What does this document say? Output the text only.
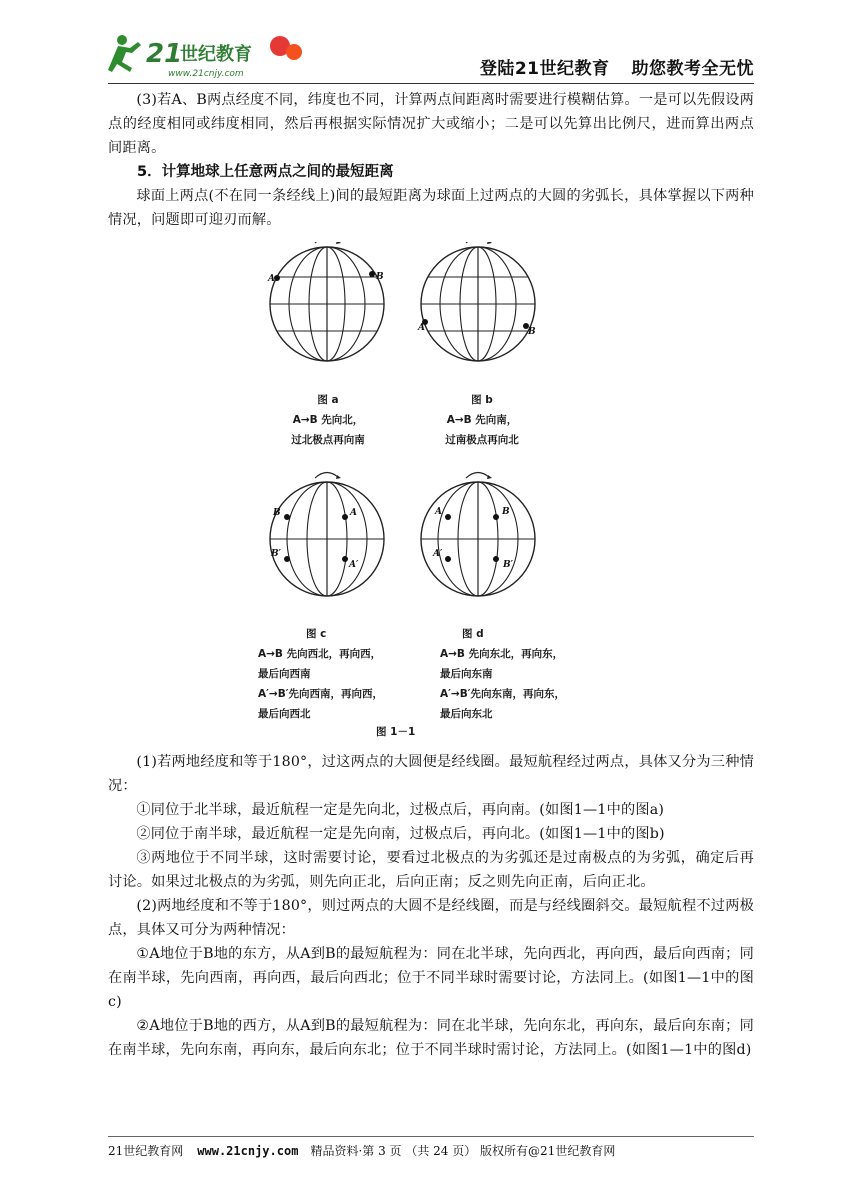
21
世纪教育
www.21cnjy.com	登陆21世纪教育 助您教考全无忧

(3)若A、B两点经度不同，纬度也不同，计算两点间距离时需要进行模糊估算。一是可以先假设两点的经度相同或纬度相同，然后再根据实际情况扩大或缩小；二是可以先算出比例尺，进而算出两点间距离。

5．计算地球上任意两点之间的最短距离

球面上两点(不在同一条经线上)间的最短距离为球面上过两点的大圆的劣弧长，具体掌握以下两种情况，问题即可迎刃而解。

A	B
A	B
B	A
B′
A′
A	B
A′
B′
图 a
A→B 先向北，
过北极点再向南
图 b
A→B 先向南，
过南极点再向北
图 c
A→B 先向西北，再向西，
最后向西南
A′→B′先向西南，再向西，
最后向西北
图 d
A→B 先向东北，再向东，
最后向东南
A′→B′先向东南，再向东，
最后向东北
图 1－1

(1)若两地经度和等于180°，过这两点的大圆便是经线圈。最短航程经过两点，具体又分为三种情况：

①同位于北半球，最近航程一定是先向北，过极点后，再向南。(如图1—1中的图a)

②同位于南半球，最近航程一定是先向南，过极点后，再向北。(如图1—1中的图b)

③两地位于不同半球，这时需要讨论，要看过北极点的为劣弧还是过南极点的为劣弧，确定后再讨论。如果过北极点的为劣弧，则先向正北，后向正南；反之则先向正南，后向正北。

(2)两地经度和不等于180°，则过两点的大圆不是经线圈，而是与经线圈斜交。最短航程不过两极点，具体又可分为两种情况：

①A地位于B地的东方，从A到B的最短航程为：同在北半球，先向西北，再向西，最后向西南；同在南半球，先向西南，再向西，最后向西北；位于不同半球时需要讨论，方法同上。(如图1—1中的图c)

②A地位于B地的西方，从A到B的最短航程为：同在北半球，先向东北，再向东，最后向东南；同在南半球，先向东南，再向东，最后向东北；位于不同半球时需讨论，方法同上。(如图1—1中的图d)

21世纪教育网 www.21cnjy.com 精品资料·第 3 页 （共 24 页） 版权所有@21世纪教育网
